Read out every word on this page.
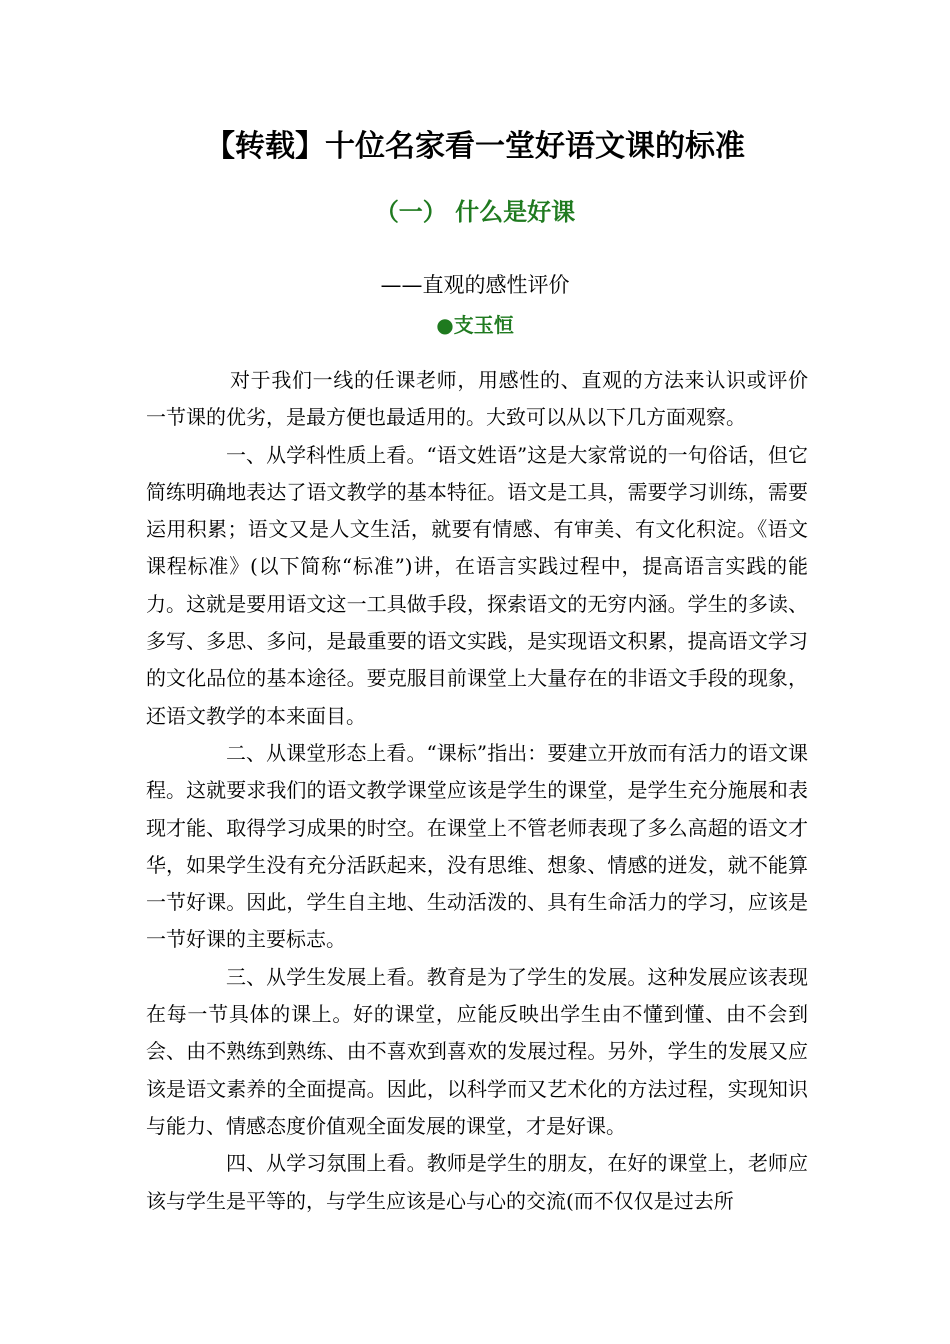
【转载】十位名家看一堂好语文课的标准
（一） 什么是好课
——直观的感性评价
●支玉恒

对于我们一线的任课老师，用感性的、直观的方法来认识或评价一节课的优劣，是最方便也最适用的。大致可以从以下几方面观察。

一、从学科性质上看。“语文姓语”这是大家常说的一句俗话，但它简练明确地表达了语文教学的基本特征。语文是工具，需要学习训练，需要运用积累；语文又是人文生活，就要有情感、有审美、有文化积淀。《语文课程标准》(以下简称“标准”)讲，在语言实践过程中，提高语言实践的能力。这就是要用语文这一工具做手段，探索语文的无穷内涵。学生的多读、多写、多思、多问，是最重要的语文实践，是实现语文积累，提高语文学习的文化品位的基本途径。要克服目前课堂上大量存在的非语文手段的现象，还语文教学的本来面目。

二、从课堂形态上看。“课标”指出：要建立开放而有活力的语文课程。这就要求我们的语文教学课堂应该是学生的课堂，是学生充分施展和表现才能、取得学习成果的时空。在课堂上不管老师表现了多么高超的语文才华，如果学生没有充分活跃起来，没有思维、想象、情感的迸发，就不能算一节好课。因此，学生自主地、生动活泼的、具有生命活力的学习，应该是一节好课的主要标志。

三、从学生发展上看。教育是为了学生的发展。这种发展应该表现在每一节具体的课上。好的课堂，应能反映出学生由不懂到懂、由不会到会、由不熟练到熟练、由不喜欢到喜欢的发展过程。另外，学生的发展又应该是语文素养的全面提高。因此，以科学而又艺术化的方法过程，实现知识与能力、情感态度价值观全面发展的课堂，才是好课。

四、从学习氛围上看。教师是学生的朋友，在好的课堂上，老师应该与学生是平等的，与学生应该是心与心的交流(而不仅仅是过去所
